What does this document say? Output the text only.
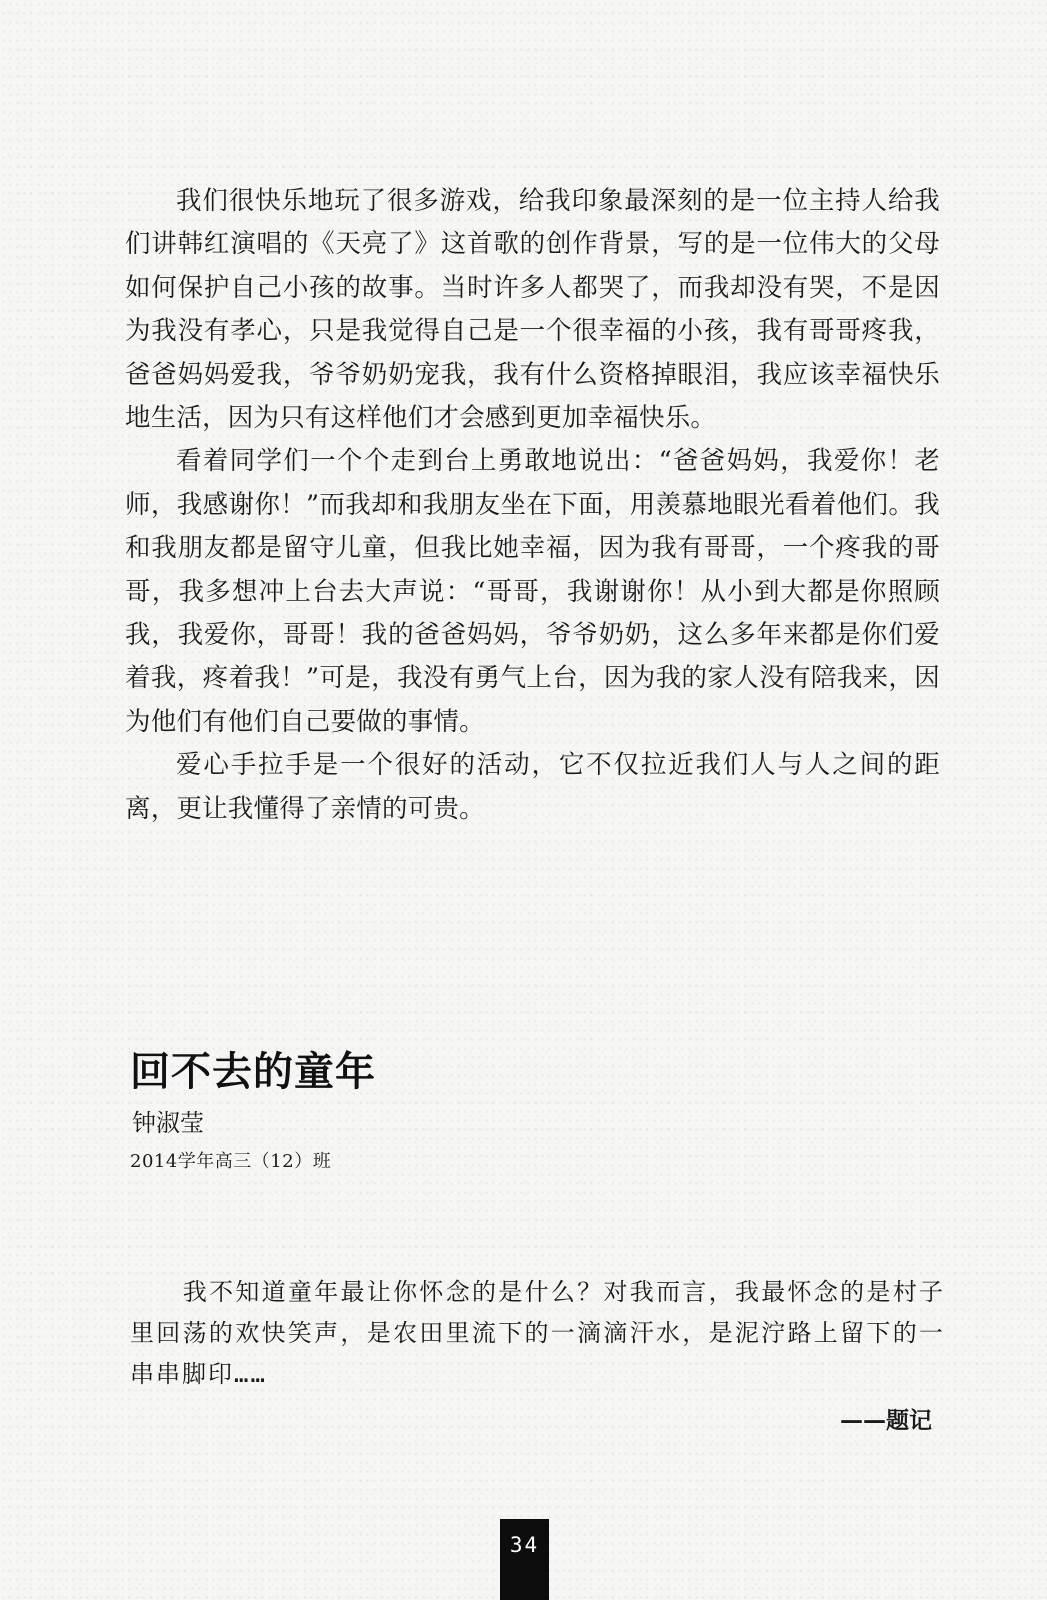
我们很快乐地玩了很多游戏，给我印象最深刻的是一位主持人给我们讲韩红演唱的《天亮了》这首歌的创作背景，写的是一位伟大的父母如何保护自己小孩的故事。当时许多人都哭了，而我却没有哭，不是因为我没有孝心，只是我觉得自己是一个很幸福的小孩，我有哥哥疼我，爸爸妈妈爱我，爷爷奶奶宠我，我有什么资格掉眼泪，我应该幸福快乐地生活，因为只有这样他们才会感到更加幸福快乐。

看着同学们一个个走到台上勇敢地说出：“爸爸妈妈，我爱你！老师，我感谢你！”而我却和我朋友坐在下面，用羡慕地眼光看着他们。我和我朋友都是留守儿童，但我比她幸福，因为我有哥哥，一个疼我的哥哥，我多想冲上台去大声说：“哥哥，我谢谢你！从小到大都是你照顾我，我爱你，哥哥！我的爸爸妈妈，爷爷奶奶，这么多年来都是你们爱着我，疼着我！”可是，我没有勇气上台，因为我的家人没有陪我来，因为他们有他们自己要做的事情。

爱心手拉手是一个很好的活动，它不仅拉近我们人与人之间的距离，更让我懂得了亲情的可贵。

回不去的童年

钟淑莹

2014学年高三（12）班

我不知道童年最让你怀念的是什么？对我而言，我最怀念的是村子里回荡的欢快笑声，是农田里流下的一滴滴汗水，是泥泞路上留下的一串串脚印……

——题记

34
